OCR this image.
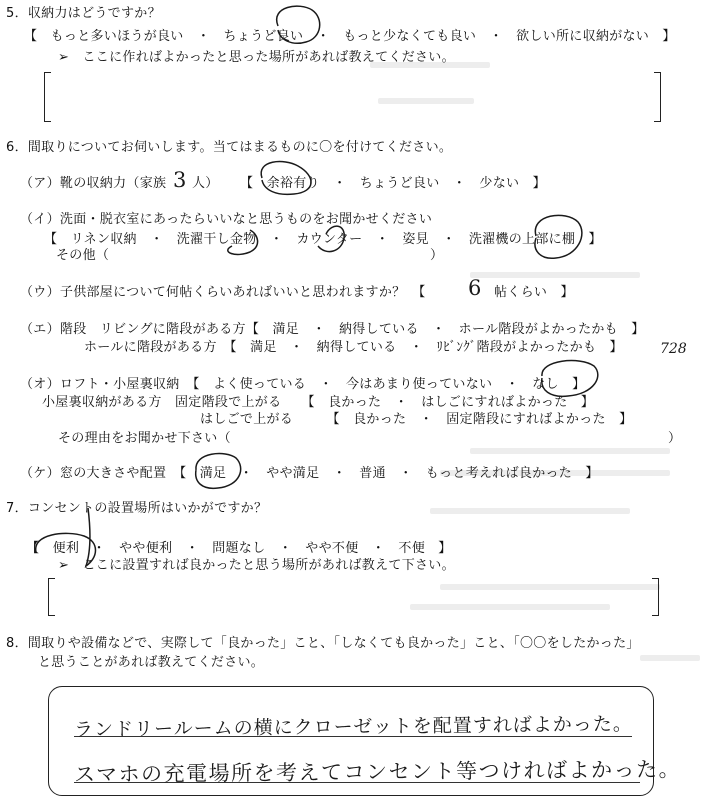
5．収納力はどうですか？
【　もっと多いほうが良い　・　ちょうど良い　・　もっと少なくても良い　・　欲しい所に収納がない　】
➢　ここに作ればよかったと思った場所があれば教えてください。
6．間取りについてお伺いします。当てはまるものに〇を付けてください。
（ア）靴の収納力（家族 3 人） 【　余裕有り　・　ちょうど良い　・　少ない　】
（イ）洗面・脱衣室にあったらいいなと思うものをお聞かせください
【　リネン収納　・　洗濯干し金物　・　カウンター　・　姿見　・　洗濯機の上部に棚　】
その他（	）
（ウ）子供部屋について何帖くらいあればいいと思われますか？　【 6 帖くらい　】
（エ）階段　リビングに階段がある方【　満足　・　納得している　・　ホール階段がよかったかも　】
ホールに階段がある方　【　満足　・　納得している　・　ﾘﾋﾞﾝｸﾞ階段がよかったかも　】	728
（オ）ロフト・小屋裏収納　【　よく使っている　・　今はあまり使っていない　・　なし　】
小屋裏収納がある方　固定階段で上がる　　【　良かった　・　はしごにすればよかった　】
はしごで上がる　　　【　良かった　・　固定階段にすればよかった　】
その理由をお聞かせ下さい（	）
（ケ）窓の大きさや配置　【　満足　・　やや満足　・　普通　・　もっと考えれば良かった　】
7．コンセントの設置場所はいかがですか？
【　便利　・　やや便利　・　問題なし　・　やや不便　・　不便　】
➢　ここに設置すれば良かったと思う場所があれば教えて下さい。
8．間取りや設備などで、実際して「良かった」こと、「しなくても良かった」こと、「〇〇をしたかった」
と思うことがあれば教えてください。
ランドリールームの横にクローゼットを配置すればよかった。
スマホの充電場所を考えてコンセント等つければよかった。
